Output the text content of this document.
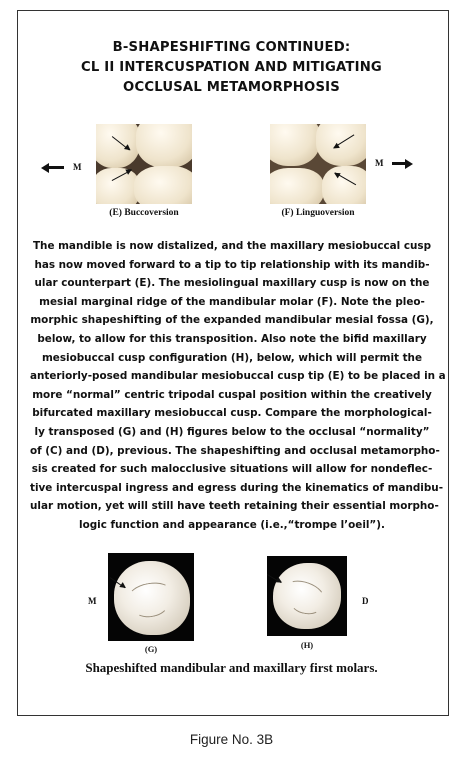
B-SHAPESHIFTING CONTINUED:
CL II INTERCUSPATION AND MITIGATING
OCCLUSAL METAMORPHOSIS
M
(E) Buccoversion
M
(F) Linguoversion
The mandible is now distalized, and the maxillary mesiobuccal cusp
has now moved forward to a tip to tip relationship with its mandib-
ular counterpart (E). The mesiolingual maxillary cusp is now on the
mesial marginal ridge of the mandibular molar (F). Note the pleo-
morphic shapeshifting of the expanded mandibular mesial fossa (G),
below, to allow for this transposition. Also note the bifid maxillary
mesiobuccal cusp configuration (H), below, which will permit the
anteriorly-posed mandibular mesiobuccal cusp tip (E) to be placed in a
more “normal” centric tripodal cuspal position within the creatively
bifurcated maxillary mesiobuccal cusp. Compare the morphological-
ly transposed (G) and (H) figures below to the occlusal “normality”
of (C) and (D), previous. The shapeshifting and occlusal metamorpho-
sis created for such malocclusive situations will allow for nondeflec-
tive intercuspal ingress and egress during the kinematics of mandibu-
ular motion, yet will still have teeth retaining their essential morpho-
logic function and appearance (i.e.,“trompe l’oeil”).
M
(G)
D
(H)
Shapeshifted mandibular and maxillary first molars.
Figure No. 3B
